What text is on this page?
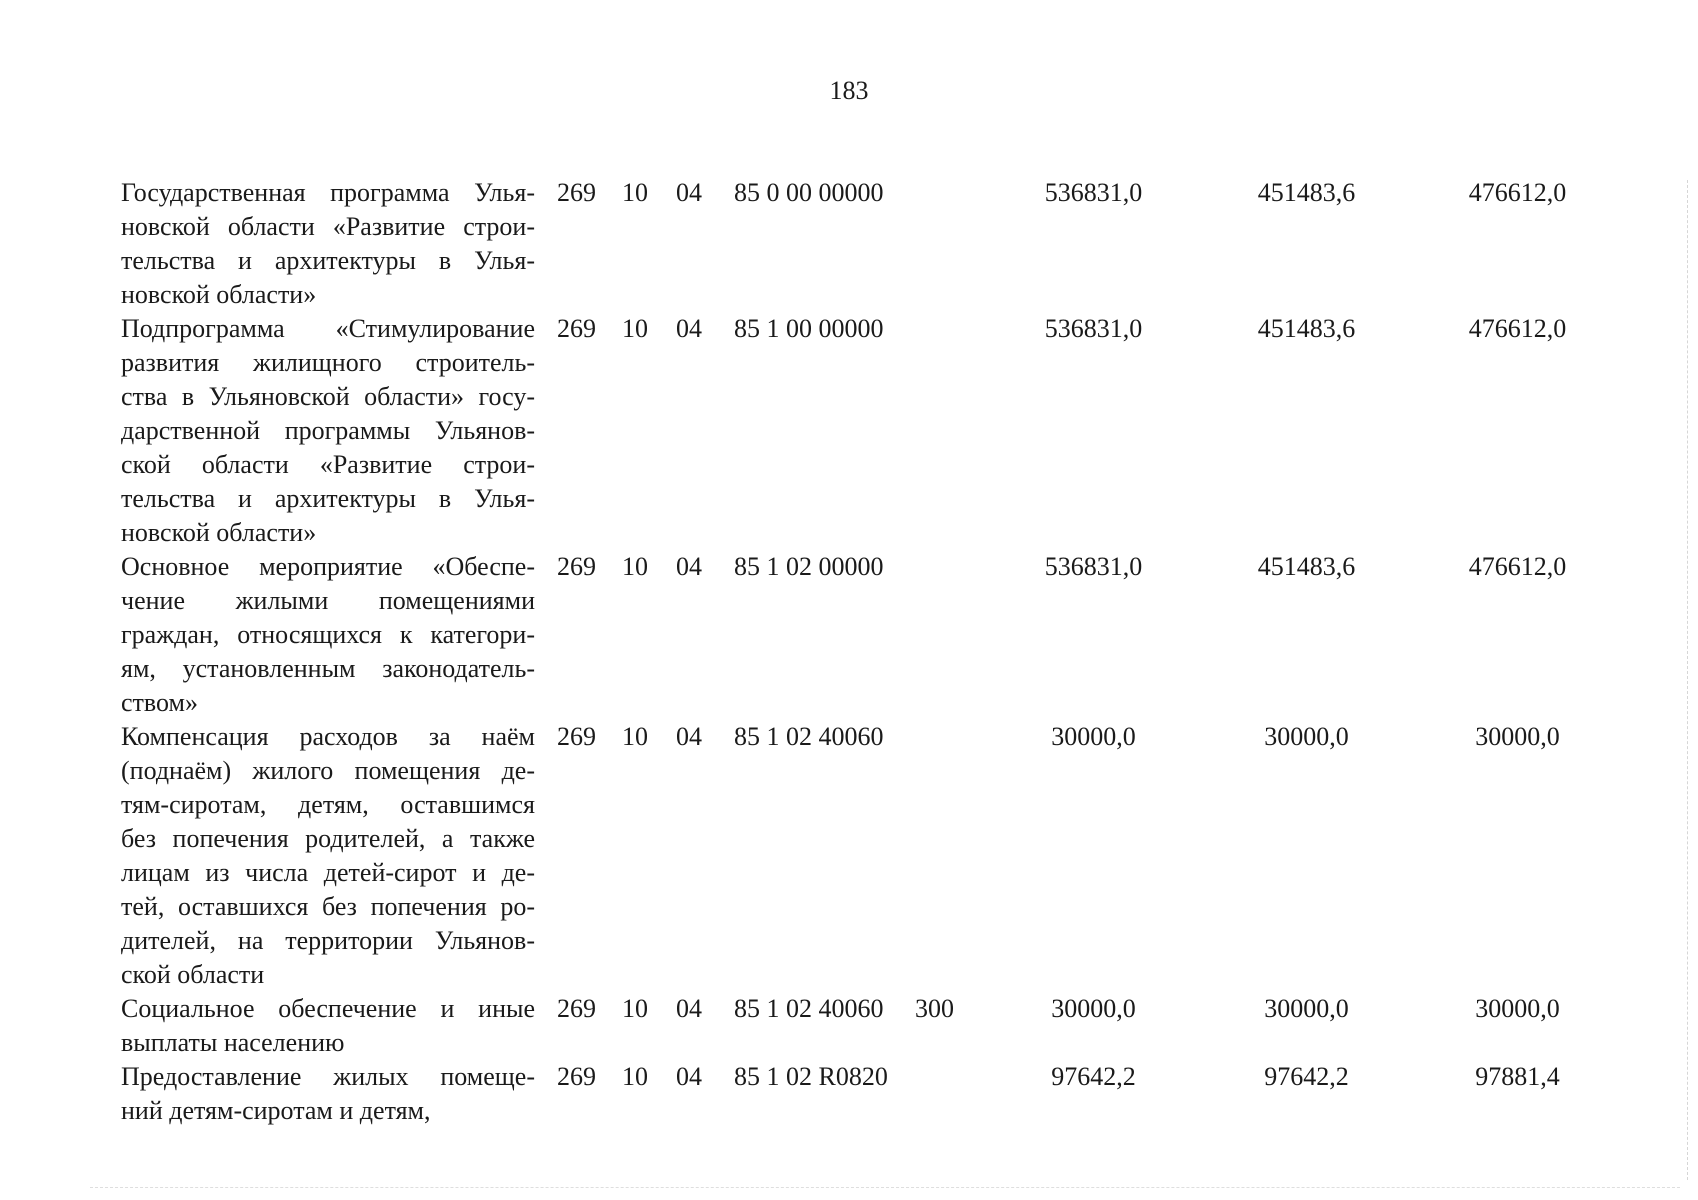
183
Государственная программа Улья-
новской области «Развитие строи-
тельства и архитектуры в Улья-
новской области»
269 10 04 85 0 00 00000	536831,0	451483,6	476612,0
Подпрограмма «Стимулирование
развития жилищного строитель-
ства в Ульяновской области» госу-
дарственной программы Ульянов-
ской области «Развитие строи-
тельства и архитектуры в Улья-
новской области»
269 10 04 85 1 00 00000	536831,0	451483,6	476612,0
Основное мероприятие «Обеспе-
чение жилыми помещениями
граждан, относящихся к категори-
ям, установленным законодатель-
ством»
269 10 04 85 1 02 00000	536831,0	451483,6	476612,0
Компенсация расходов за наём
(поднаём) жилого помещения де-
тям-сиротам, детям, оставшимся
без попечения родителей, а также
лицам из числа детей-сирот и де-
тей, оставшихся без попечения ро-
дителей, на территории Ульянов-
ской области
269 10 04 85 1 02 40060	30000,0	30000,0	30000,0
Социальное обеспечение и иные
выплаты населению
269 10 04 85 1 02 40060 300	30000,0	30000,0	30000,0
Предоставление жилых помеще-
ний детям-сиротам и детям,
269 10 04 85 1 02 R0820	97642,2	97642,2	97881,4
